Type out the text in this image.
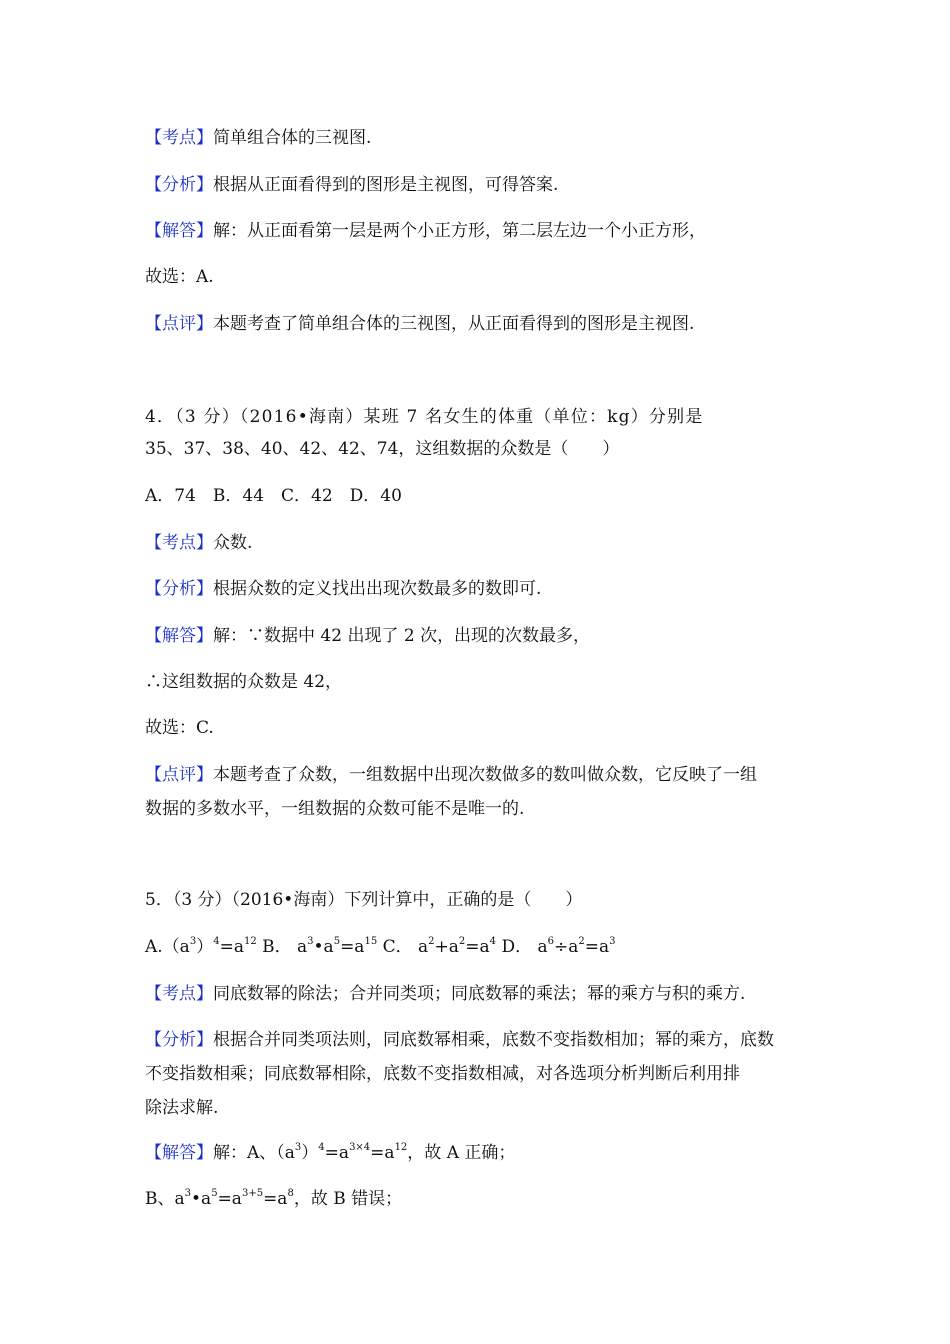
【考点】简单组合体的三视图.
【分析】根据从正面看得到的图形是主视图，可得答案.
【解答】解：从正面看第一层是两个小正方形，第二层左边一个小正方形，
故选：A.
【点评】本题考查了简单组合体的三视图，从正面看得到的图形是主视图.
4．（3 分）（2016•海南）某班 7 名女生的体重（单位：kg）分别是
35、37、38、40、42、42、74，这组数据的众数是（　　）
A．74　B．44　C．42　D．40
【考点】众数.
【分析】根据众数的定义找出出现次数最多的数即可.
【解答】解：∵数据中 42 出现了 2 次，出现的次数最多，
∴这组数据的众数是 42，
故选：C.
【点评】本题考查了众数，一组数据中出现次数做多的数叫做众数，它反映了一组
数据的多数水平，一组数据的众数可能不是唯一的.
5．（3 分）（2016•海南）下列计算中，正确的是（　　）
$A.(a^3)^4=a^{12}$ B． $a^3•a^5=a^{15}$ C． $a^2+a^2=a^4$ D． $a^6\div a^2=a^3$
【考点】同底数幂的除法；合并同类项；同底数幂的乘法；幂的乘方与积的乘方.
【分析】根据合并同类项法则，同底数幂相乘，底数不变指数相加；幂的乘方，底数
不变指数相乘；同底数幂相除，底数不变指数相减，对各选项分析判断后利用排
除法求解.
【解答】解：A、$(a^3)^4=a^{3\times 4}=a^{12}$，故 A 正确；
B、$a^3•a^5=a^{3+5}=a^8$，故 B 错误；
